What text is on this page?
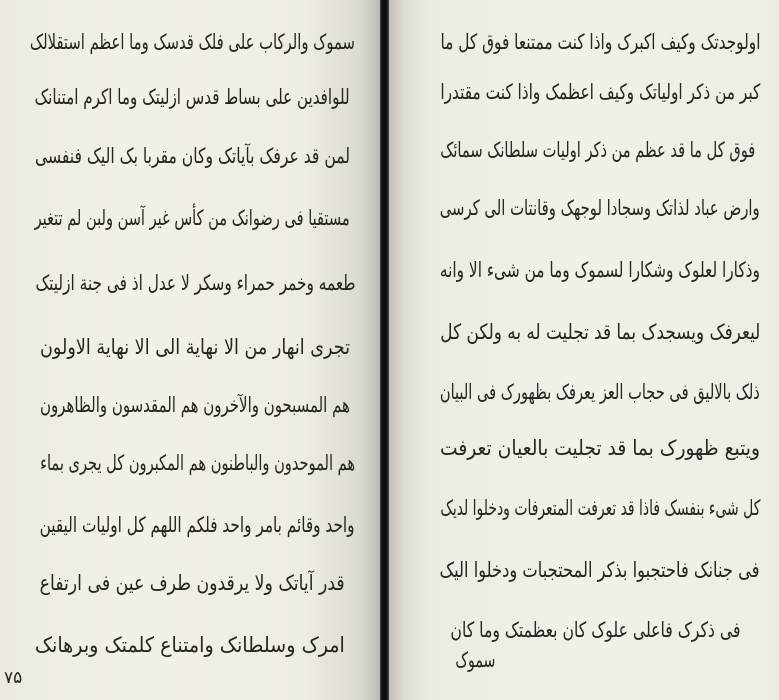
سموک والرکاب علی فلک قدسک وما اعظم استقلالک
للوافدین علی بساط قدس ازلیتک وما اکرم امتنانک
لمن قد عرفک بآیاتک وکان مقربا بک الیک فنفسی
مستقیا فی رضوانک من کأس غیر آسن ولبن لم تتغیر
طعمه وخمر حمراء وسکر لا عدل اذ فی جنة ازلیتک
تجری انهار من الا نهایة الی الا نهایة الاولون
هم المسبحون والآخرون هم المقدسون والظاهرون
هم الموحدون والباطنون هم المکبرون کل یجری بماء
واحد وقائم بامر واحد فلکم اللهم کل اولیات الیقین
قدر آیاتک ولا یرقدون طرف عین فی ارتفاع
امرک وسلطانک وامتناع کلمتک وبرهانک
۷۵
اولوجدتک وکیف اکبرک واذا کنت ممتنعا فوق کل ما
کبر من ذکر اولیاتک وکیف اعظمک واذا کنت مقتدرا
فوق کل ما قد عظم من ذکر اولیات سلطانک سمائک
وارض عباد لذاتک وسجادا لوجهک وقانتات الی کرسی
وذکارا لعلوک وشکارا لسموک وما من شیء الا وانه
لیعرفک ویسجدک بما قد تجلیت له به ولکن کل
ذلک بالالیق فی حجاب العز یعرفک بظهورک فی البیان
ویتبع ظهورک بما قد تجلیت بالعیان تعرفت
کل شیء بنفسک فاذا قد تعرفت المتعرفات ودخلوا لدیک
فی جنانک فاحتجبوا بذکر المحتجبات ودخلوا الیک
فی ذکرک فاعلی علوک کان بعظمتک وما کان
سموک
